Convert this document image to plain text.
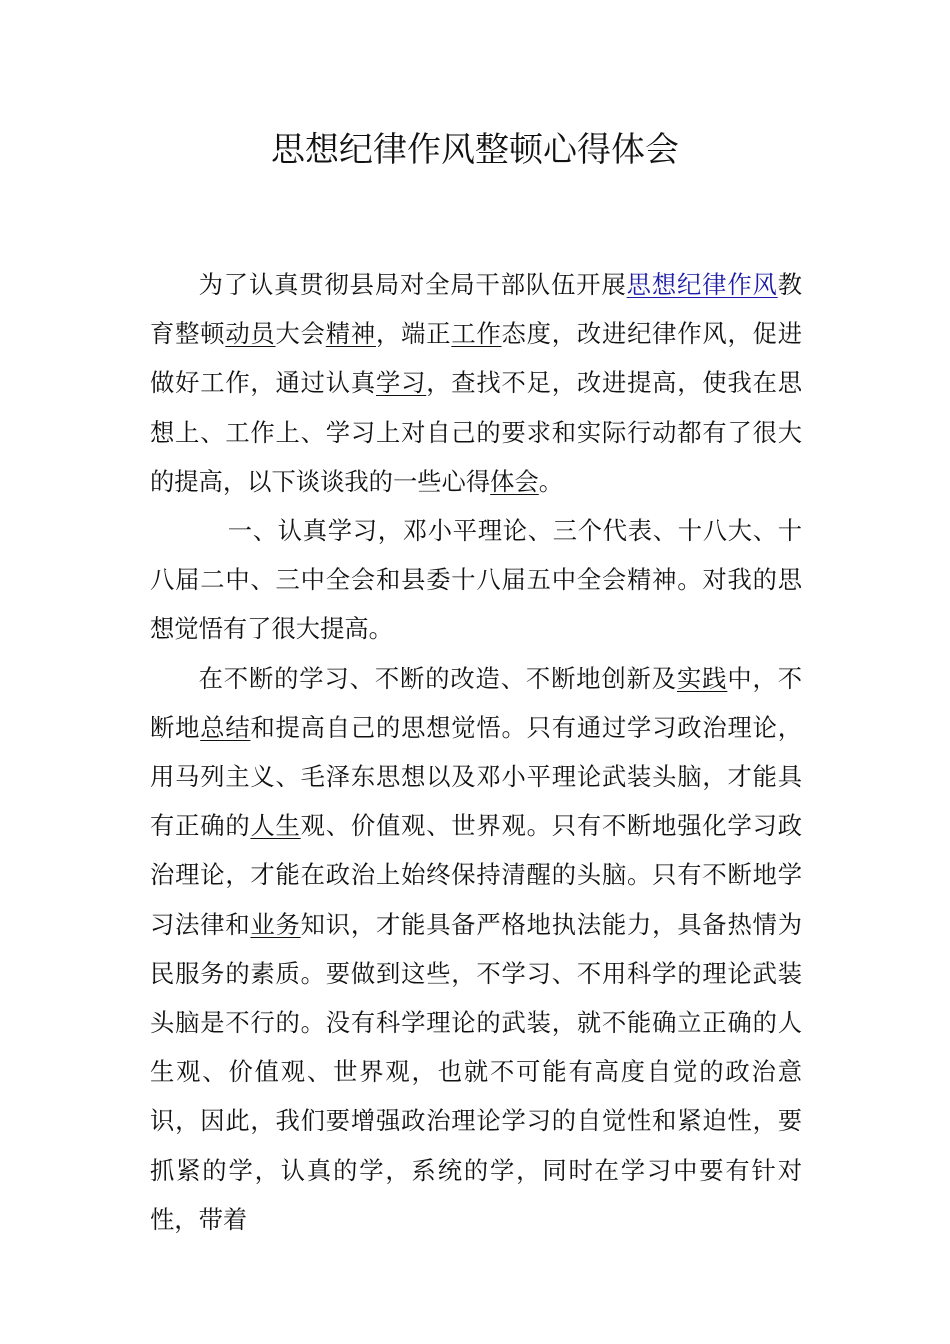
思想纪律作风整顿心得体会

为了认真贯彻县局对全局干部队伍开展思想纪律作风教育整顿动员大会精神，端正工作态度，改进纪律作风，促进做好工作，通过认真学习，查找不足，改进提高，使我在思想上、工作上、学习上对自己的要求和实际行动都有了很大的提高，以下谈谈我的一些心得体会。

一、认真学习，邓小平理论、三个代表、十八大、十八届二中、三中全会和县委十八届五中全会精神。对我的思想觉悟有了很大提高。

在不断的学习、不断的改造、不断地创新及实践中，不断地总结和提高自己的思想觉悟。只有通过学习政治理论，用马列主义、毛泽东思想以及邓小平理论武装头脑，才能具有正确的人生观、价值观、世界观。只有不断地强化学习政治理论，才能在政治上始终保持清醒的头脑。只有不断地学习法律和业务知识，才能具备严格地执法能力，具备热情为民服务的素质。要做到这些，不学习、不用科学的理论武装头脑是不行的。没有科学理论的武装，就不能确立正确的人生观、价值观、世界观，也就不可能有高度自觉的政治意识，因此，我们要增强政治理论学习的自觉性和紧迫性，要抓紧的学，认真的学，系统的学，同时在学习中要有针对性，带着
